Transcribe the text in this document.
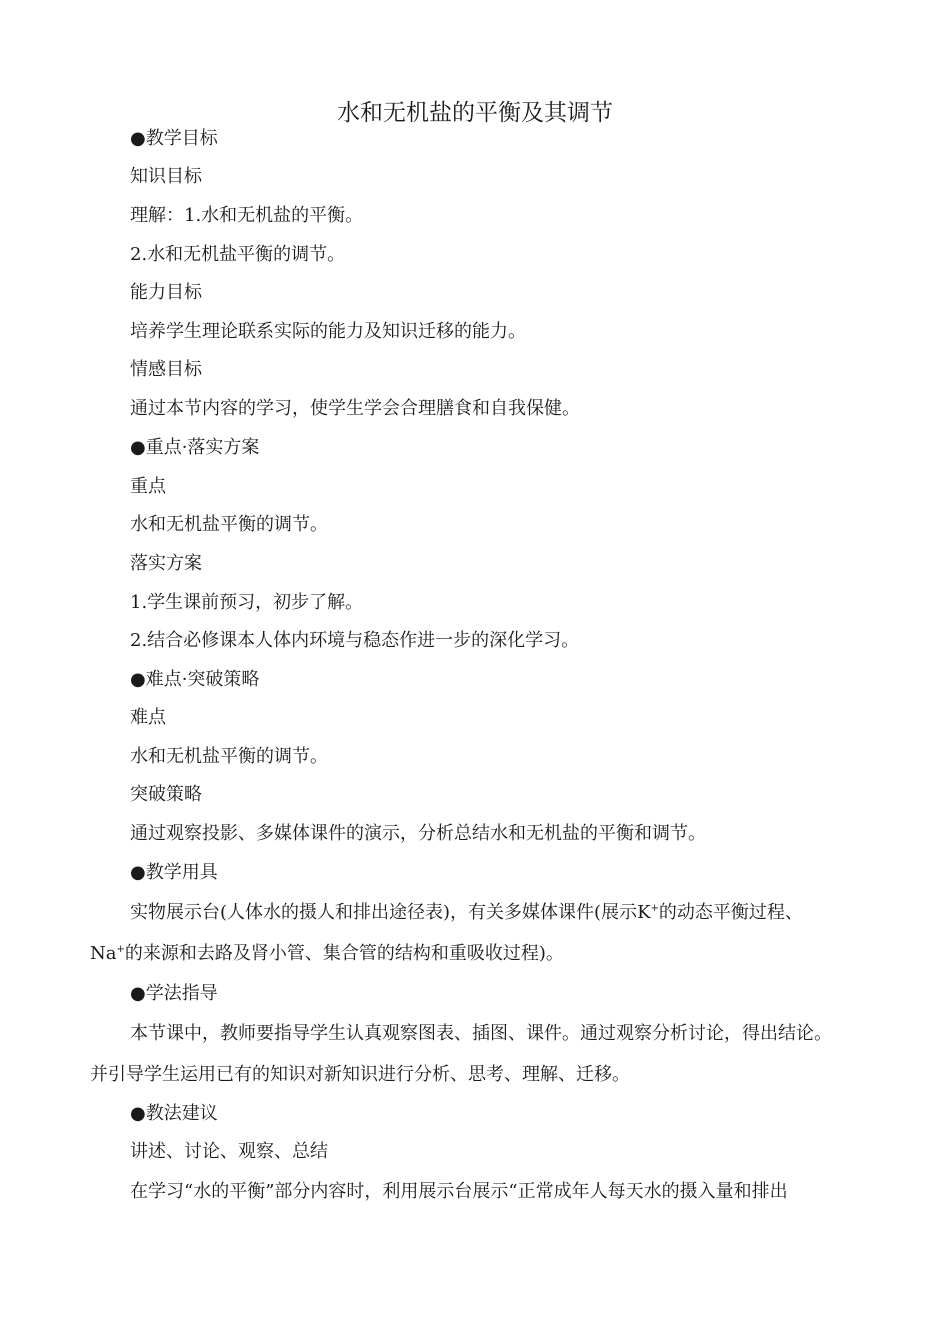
水和无机盐的平衡及其调节
●教学目标
知识目标
理解：1.水和无机盐的平衡。
2.水和无机盐平衡的调节。
能力目标
培养学生理论联系实际的能力及知识迁移的能力。
情感目标
通过本节内容的学习，使学生学会合理膳食和自我保健。
●重点·落实方案
重点
水和无机盐平衡的调节。
落实方案
1.学生课前预习，初步了解。
2.结合必修课本人体内环境与稳态作进一步的深化学习。
●难点·突破策略
难点
水和无机盐平衡的调节。
突破策略
通过观察投影、多媒体课件的演示，分析总结水和无机盐的平衡和调节。
●教学用具
实物展示台(人体水的摄人和排出途径表)，有关多媒体课件(展示K+的动态平衡过程、
Na+的来源和去路及肾小管、集合管的结构和重吸收过程)。
●学法指导
本节课中，教师要指导学生认真观察图表、插图、课件。通过观察分析讨论，得出结论。
并引导学生运用已有的知识对新知识进行分析、思考、理解、迁移。
●教法建议
讲述、讨论、观察、总结
在学习“水的平衡”部分内容时，利用展示台展示“正常成年人每天水的摄入量和排出
